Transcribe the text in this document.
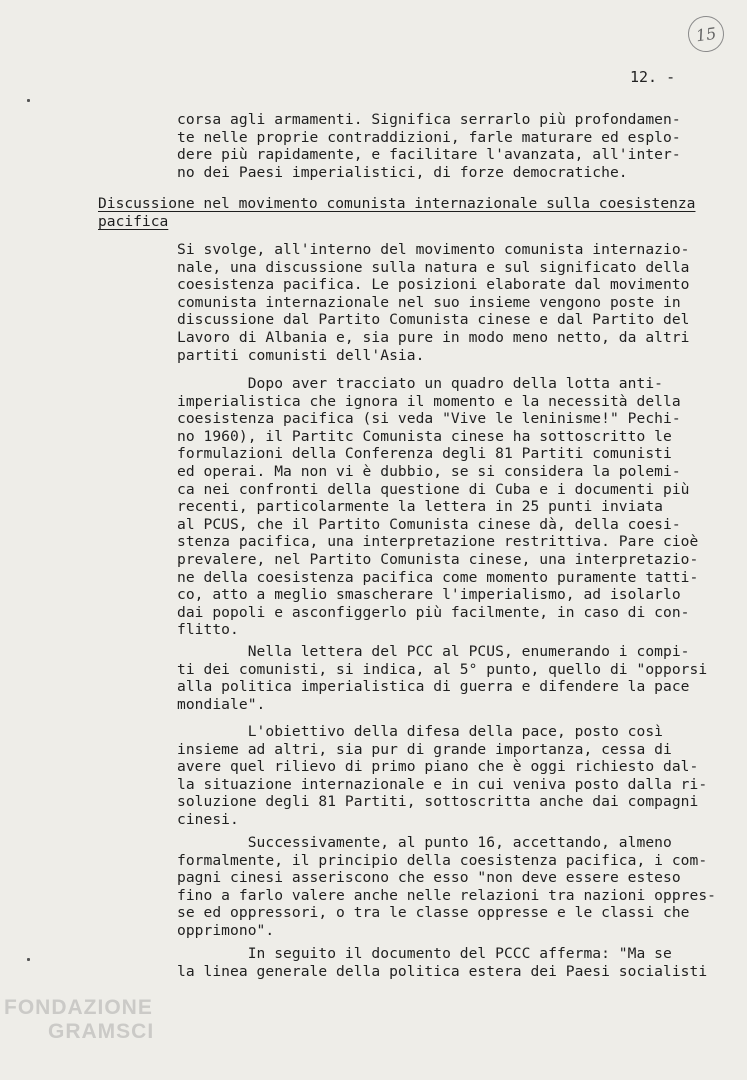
15
12. -
corsa agli armamenti. Significa serrarlo più profondamen-
te nelle proprie contraddizioni, farle maturare ed esplo-
dere più rapidamente, e facilitare l'avanzata, all'inter-
no dei Paesi imperialistici, di forze democratiche.
Discussione nel movimento comunista internazionale sulla coesistenza
pacifica
Si svolge, all'interno del movimento comunista internazio-
nale, una discussione sulla natura e sul significato della
coesistenza pacifica. Le posizioni elaborate dal movimento
comunista internazionale nel suo insieme vengono poste in
discussione dal Partito Comunista cinese e dal Partito del
Lavoro di Albania e, sia pure in modo meno netto, da altri
partiti comunisti dell'Asia.
Dopo aver tracciato un quadro della lotta anti-
imperialistica che ignora il momento e la necessità della
coesistenza pacifica (si veda "Vive le leninisme!" Pechi-
no 1960), il Partitc Comunista cinese ha sottoscritto le
formulazioni della Conferenza degli 81 Partiti comunisti
ed operai. Ma non vi è dubbio, se si considera la polemi-
ca nei confronti della questione di Cuba e i documenti più
recenti, particolarmente la lettera in 25 punti inviata
al PCUS, che il Partito Comunista cinese dà, della coesi-
stenza pacifica, una interpretazione restrittiva. Pare cioè
prevalere, nel Partito Comunista cinese, una interpretazio-
ne della coesistenza pacifica come momento puramente tatti-
co, atto a meglio smascherare l'imperialismo, ad isolarlo
dai popoli e asconfiggerlo più facilmente, in caso di con-
flitto.
Nella lettera del PCC al PCUS, enumerando i compi-
ti dei comunisti, si indica, al 5° punto, quello di "opporsi
alla politica imperialistica di guerra e difendere la pace
mondiale".
L'obiettivo della difesa della pace, posto così
insieme ad altri, sia pur di grande importanza, cessa di
avere quel rilievo di primo piano che è oggi richiesto dal-
la situazione internazionale e in cui veniva posto dalla ri-
soluzione degli 81 Partiti, sottoscritta anche dai compagni
cinesi.
Successivamente, al punto 16, accettando, almeno
formalmente, il principio della coesistenza pacifica, i com-
pagni cinesi asseriscono che esso "non deve essere esteso
fino a farlo valere anche nelle relazioni tra nazioni oppres-
se ed oppressori, o tra le classe oppresse e le classi che
opprimono".
In seguito il documento del PCCC afferma: "Ma se
la linea generale della politica estera dei Paesi socialisti
FONDAZIONE
GRAMSCI
